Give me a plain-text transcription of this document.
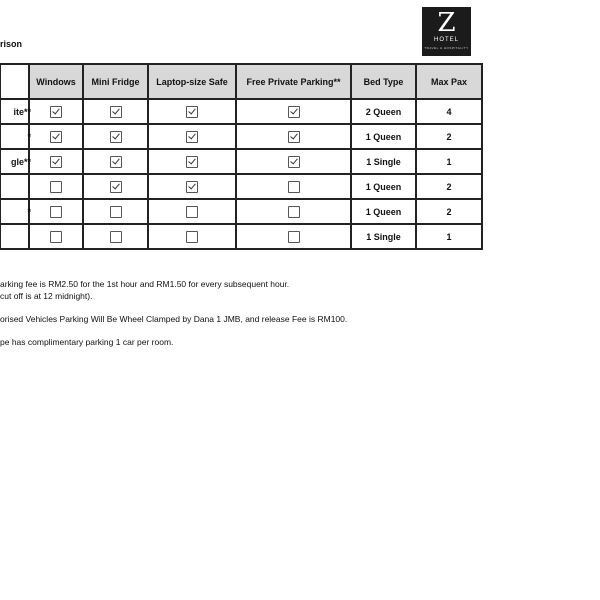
rison
Z
HOTEL
TRAVEL & HOSPITALITY
	Windows	Mini Fridge	Laptop-size Safe	Free Private Parking**	Bed Type	Max Pax
ite**					2 Queen	4
*					1 Queen	2
gle**					1 Single	1
					1 Queen	2
*					1 Queen	2
					1 Single	1
arking fee is RM2.50 for the 1st hour and RM1.50 for every subsequent hour.
cut off is at 12 midnight).
orised Vehicles Parking Will Be Wheel Clamped by Dana 1 JMB, and release Fee is RM100.
pe has complimentary parking 1 car per room.
